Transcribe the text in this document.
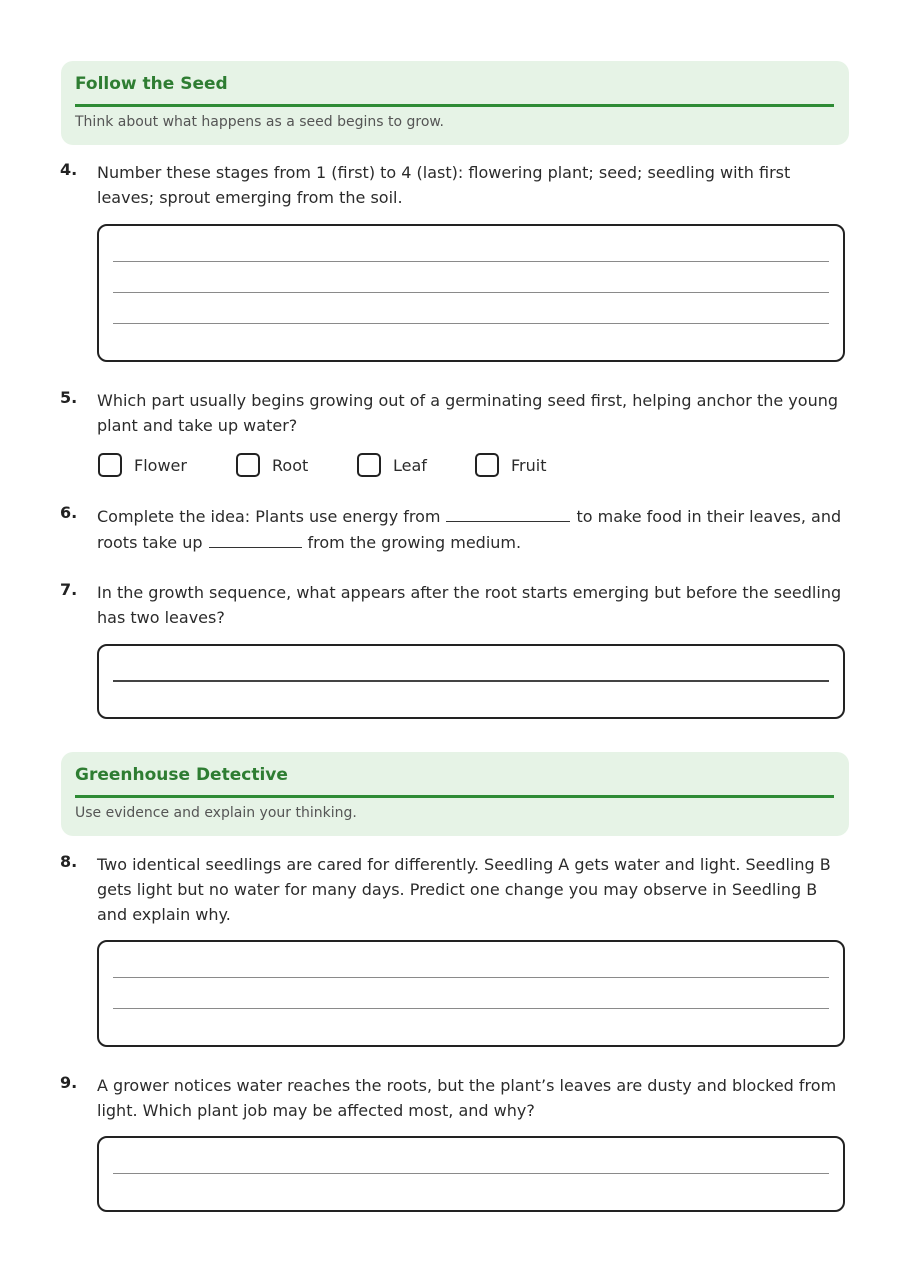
Follow the Seed
Think about what happens as a seed begins to grow.
4. Number these stages from 1 (first) to 4 (last): flowering plant; seed; seedling with first leaves; sprout emerging from the soil.
5. Which part usually begins growing out of a germinating seed first, helping anchor the young plant and take up water?
Flower	Root	Leaf	Fruit
6. Complete the idea: Plants use energy from	to make food in their leaves, and roots take up	from the growing medium.
7. In the growth sequence, what appears after the root starts emerging but before the seedling has two leaves?
Greenhouse Detective
Use evidence and explain your thinking.
8. Two identical seedlings are cared for differently. Seedling A gets water and light. Seedling B gets light but no water for many days. Predict one change you may observe in Seedling B and explain why.
9. A grower notices water reaches the roots, but the plant’s leaves are dusty and blocked from light. Which plant job may be affected most, and why?
